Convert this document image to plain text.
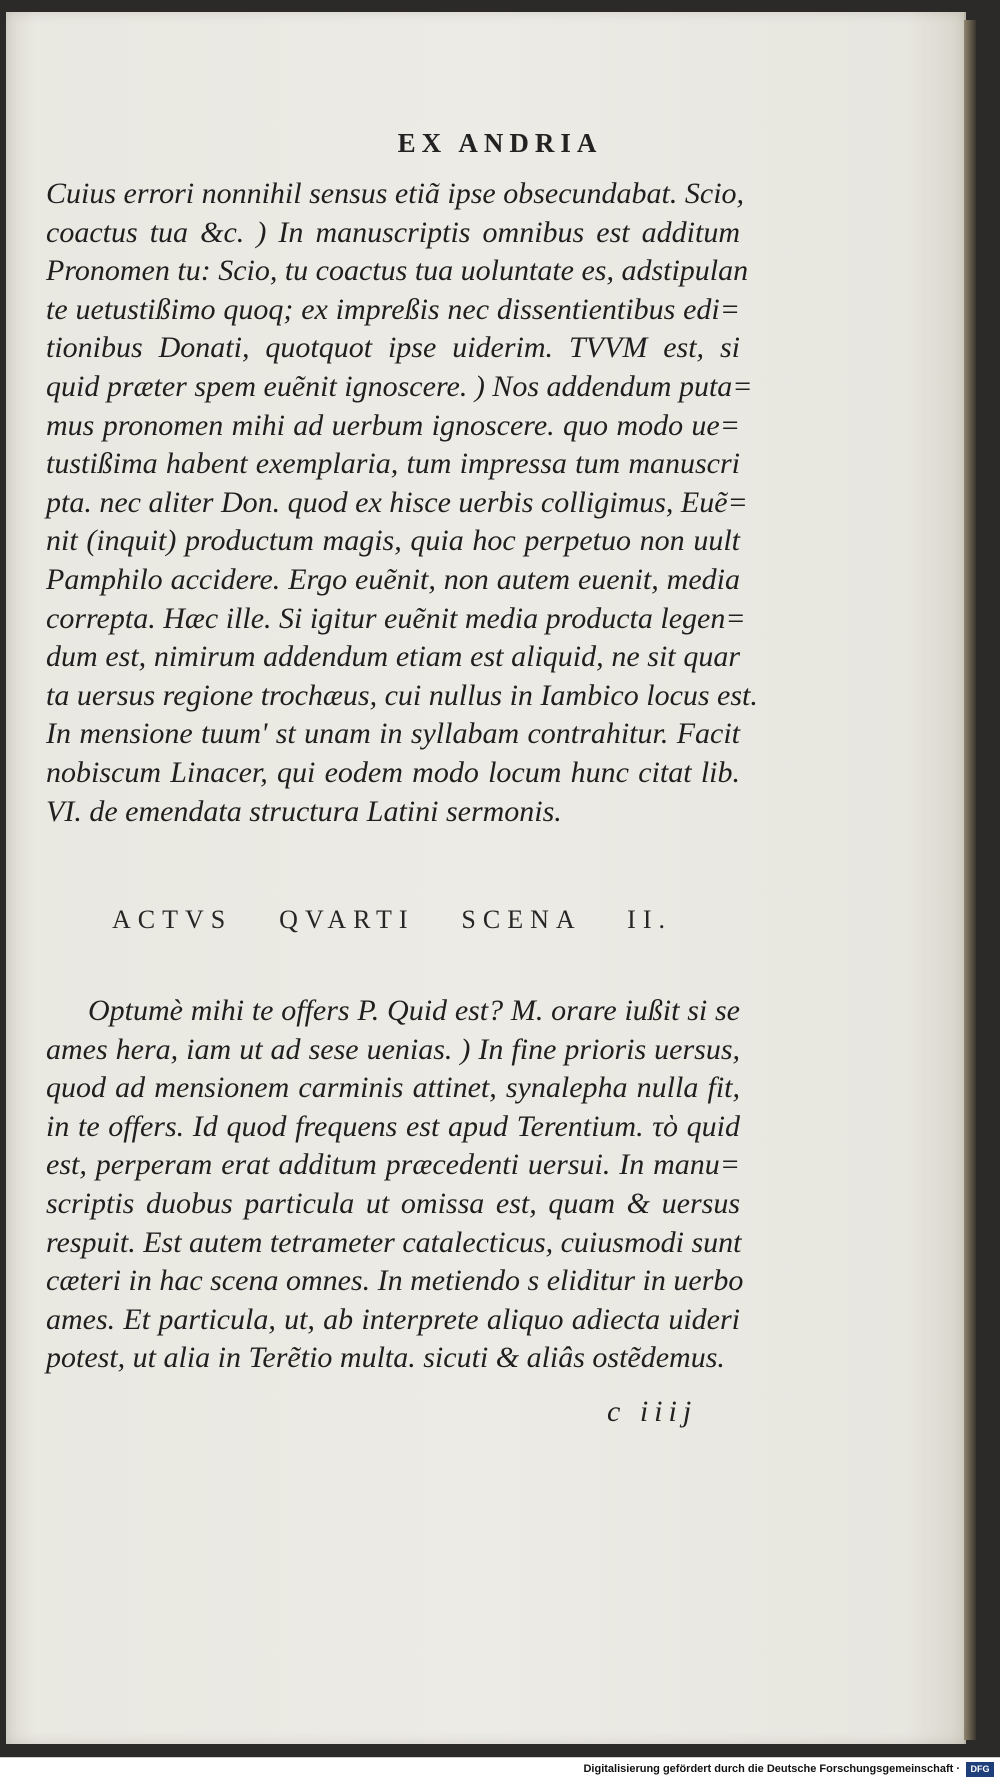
EX ANDRIA
Cuius errori nonnihil sensus etiã ipse obsecundabat. Scio,
coactus tua &c. ) In manuscriptis omnibus est additum
Pronomen tu: Scio, tu coactus tua uoluntate es, adstipulan
te uetustißimo quoq; ex impreßis nec dissentientibus edi=
tionibus Donati, quotquot ipse uiderim. TVVM est, si
quid præter spem euẽnit ignoscere. ) Nos addendum puta=
mus pronomen mihi ad uerbum ignoscere. quo modo ue=
tustißima habent exemplaria, tum impressa tum manuscri
pta. nec aliter Don. quod ex hisce uerbis colligimus, Euẽ=
nit (inquit) productum magis, quia hoc perpetuo non uult
Pamphilo accidere. Ergo euẽnit, non autem euenit, media
correpta. Hæc ille. Si igitur euẽnit media producta legen=
dum est, nimirum addendum etiam est aliquid, ne sit quar
ta uersus regione trochæus, cui nullus in Iambico locus est.
In mensione tuum' st unam in syllabam contrahitur. Facit
nobiscum Linacer, qui eodem modo locum hunc citat lib.
VI. de emendata structura Latini sermonis.
ACTVS QVARTI SCENA II.
Optumè mihi te offers P. Quid est? M. orare iußit si se
ames hera, iam ut ad sese uenias. ) In fine prioris uersus,
quod ad mensionem carminis attinet, synalepha nulla fit,
in te offers. Id quod frequens est apud Terentium. τὸ quid
est, perperam erat additum præcedenti uersui. In manu=
scriptis duobus particula ut omissa est, quam & uersus
respuit. Est autem tetrameter catalecticus, cuiusmodi sunt
cæteri in hac scena omnes. In metiendo s eliditur in uerbo
ames. Et particula, ut, ab interprete aliquo adiecta uideri
potest, ut alia in Terẽtio multa. sicuti & aliâs ostẽdemus.
c iiij
Digitalisierung gefördert durch die Deutsche Forschungsgemeinschaft ·	DFG
